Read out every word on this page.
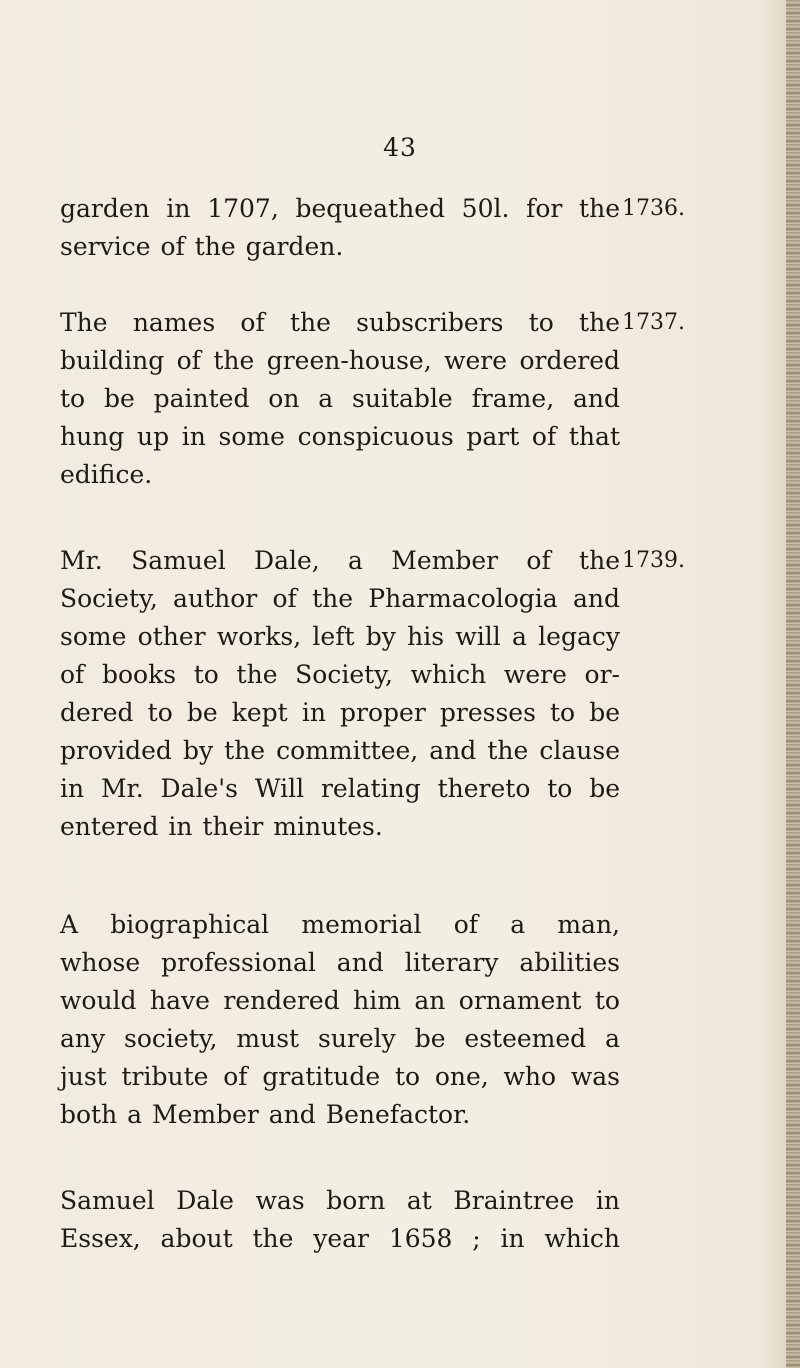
43
garden in 1707, bequeathed 50l. for the
service of the garden.
1736.
The names of the subscribers to the
building of the green-house, were ordered
to be painted on a suitable frame, and
hung up in some conspicuous part of that
edifice.
1737.
Mr. Samuel Dale, a Member of the
Society, author of the Pharmacologia and
some other works, left by his will a legacy
of books to the Society, which were or-
dered to be kept in proper presses to be
provided by the committee, and the clause
in Mr. Dale's Will relating thereto to be
entered in their minutes.
1739.
A biographical memorial of a man,
whose professional and literary abilities
would have rendered him an ornament to
any society, must surely be esteemed a
just tribute of gratitude to one, who was
both a Member and Benefactor.
Samuel Dale was born at Braintree in
Essex, about the year 1658 ; in which
